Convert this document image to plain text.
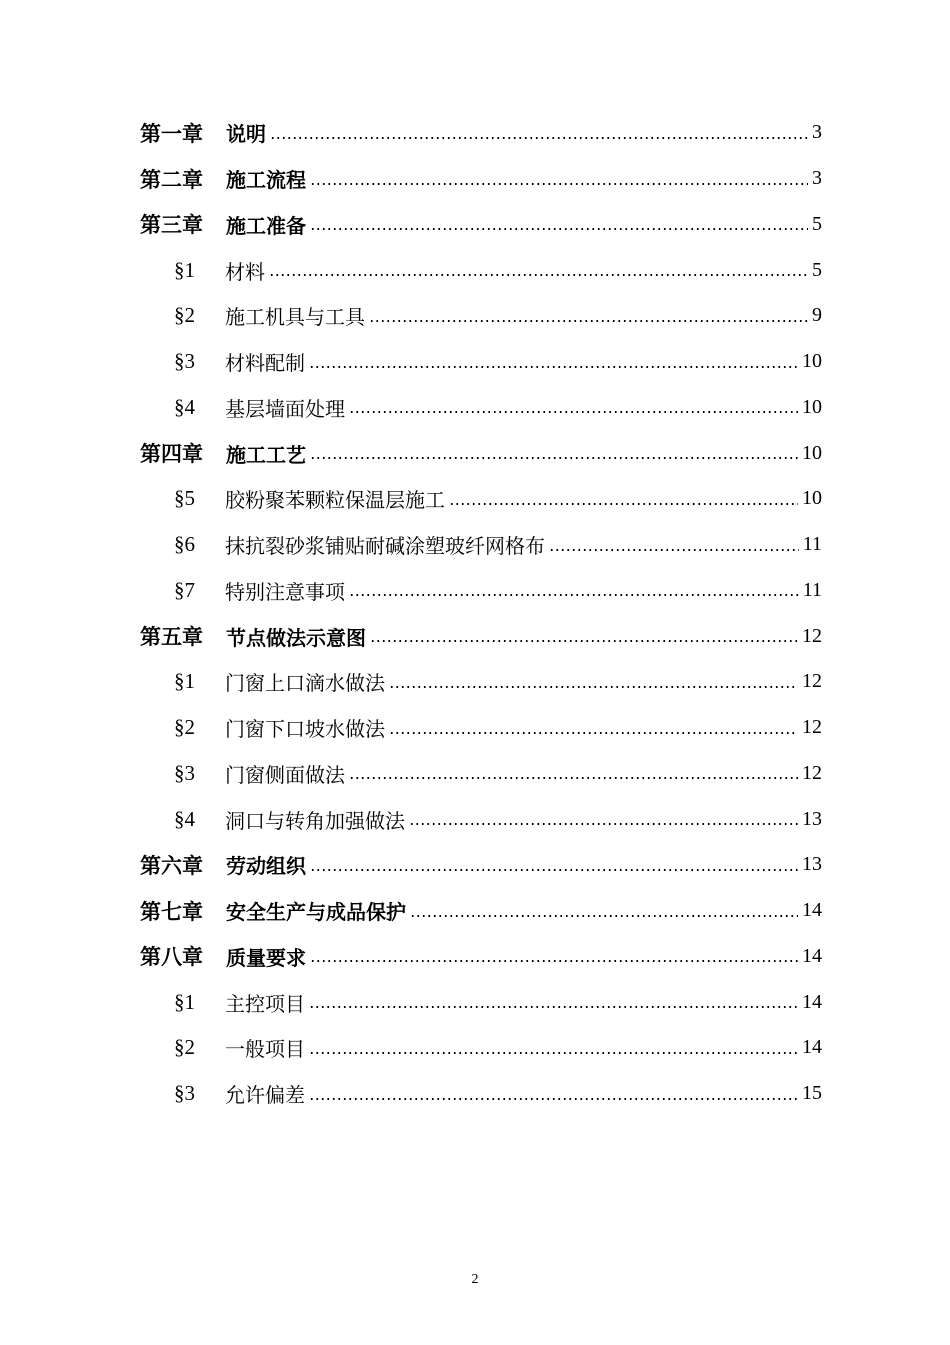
第一章	说明	3
第二章	施工流程	3
第三章	施工准备	5
§1	材料	5
§2	施工机具与工具	9
§3	材料配制	10
§4	基层墙面处理	10
第四章	施工工艺	10
§5	胶粉聚苯颗粒保温层施工	10
§6	抹抗裂砂浆铺贴耐碱涂塑玻纤网格布	11
§7	特别注意事项	11
第五章	节点做法示意图	12
§1	门窗上口滴水做法	12
§2	门窗下口坡水做法	12
§3	门窗侧面做法	12
§4	洞口与转角加强做法	13
第六章	劳动组织	13
第七章	安全生产与成品保护	14
第八章	质量要求	14
§1	主控项目	14
§2	一般项目	14
§3	允许偏差	15
2
